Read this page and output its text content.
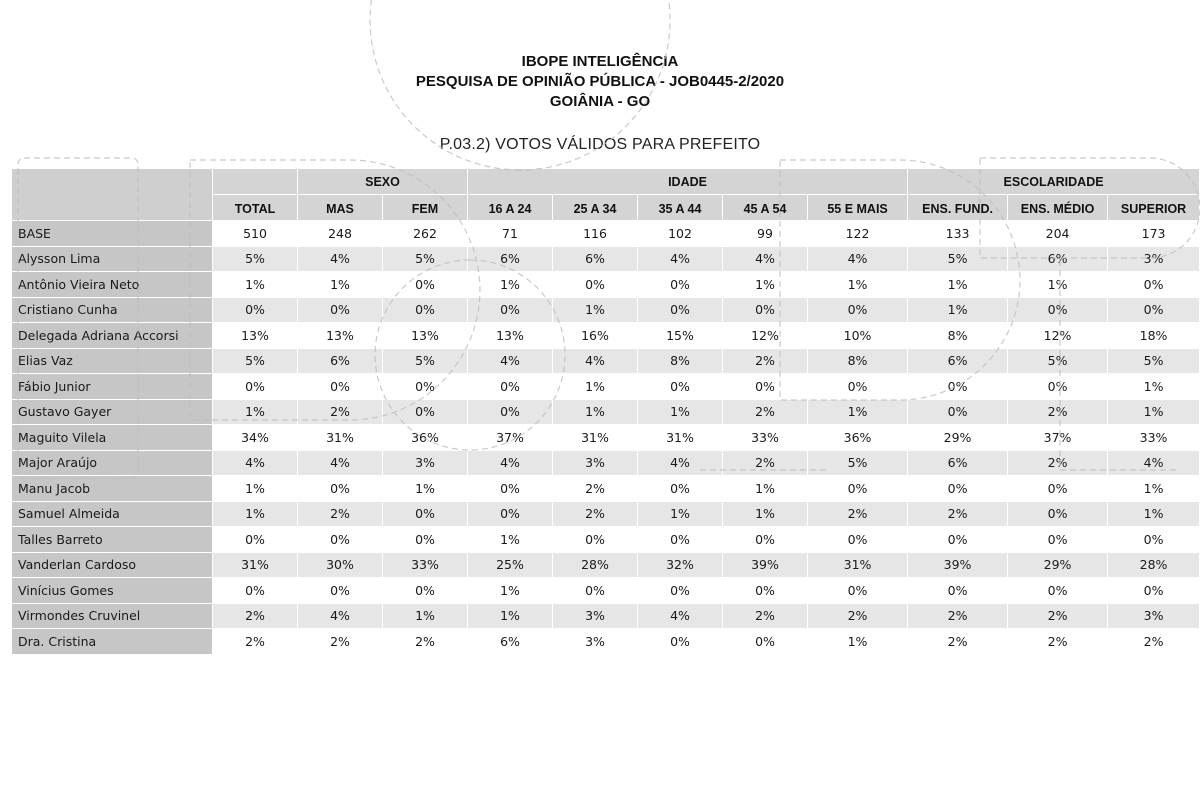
IBOPE INTELIGÊNCIA
PESQUISA DE OPINIÃO PÚBLICA - JOB0445-2/2020
GOIÂNIA - GO
P.03.2) VOTOS VÁLIDOS PARA PREFEITO
		SEXO		IDADE					ESCOLARIDADE		
	TOTAL	MAS	FEM	16 A 24	25 A 34	35 A 44	45 A 54	55 E MAIS	ENS. FUND.	ENS. MÉDIO	SUPERIOR
BASE	510	248	262	71	116	102	99	122	133	204	173
Alysson Lima	5%	4%	5%	6%	6%	4%	4%	4%	5%	6%	3%
Antônio Vieira Neto	1%	1%	0%	1%	0%	0%	1%	1%	1%	1%	0%
Cristiano Cunha	0%	0%	0%	0%	1%	0%	0%	0%	1%	0%	0%
Delegada Adriana Accorsi	13%	13%	13%	13%	16%	15%	12%	10%	8%	12%	18%
Elias Vaz	5%	6%	5%	4%	4%	8%	2%	8%	6%	5%	5%
Fábio Junior	0%	0%	0%	0%	1%	0%	0%	0%	0%	0%	1%
Gustavo Gayer	1%	2%	0%	0%	1%	1%	2%	1%	0%	2%	1%
Maguito Vilela	34%	31%	36%	37%	31%	31%	33%	36%	29%	37%	33%
Major Araújo	4%	4%	3%	4%	3%	4%	2%	5%	6%	2%	4%
Manu Jacob	1%	0%	1%	0%	2%	0%	1%	0%	0%	0%	1%
Samuel Almeida	1%	2%	0%	0%	2%	1%	1%	2%	2%	0%	1%
Talles Barreto	0%	0%	0%	1%	0%	0%	0%	0%	0%	0%	0%
Vanderlan Cardoso	31%	30%	33%	25%	28%	32%	39%	31%	39%	29%	28%
Vinícius Gomes	0%	0%	0%	1%	0%	0%	0%	0%	0%	0%	0%
Virmondes Cruvinel	2%	4%	1%	1%	3%	4%	2%	2%	2%	2%	3%
Dra. Cristina	2%	2%	2%	6%	3%	0%	0%	1%	2%	2%	2%
